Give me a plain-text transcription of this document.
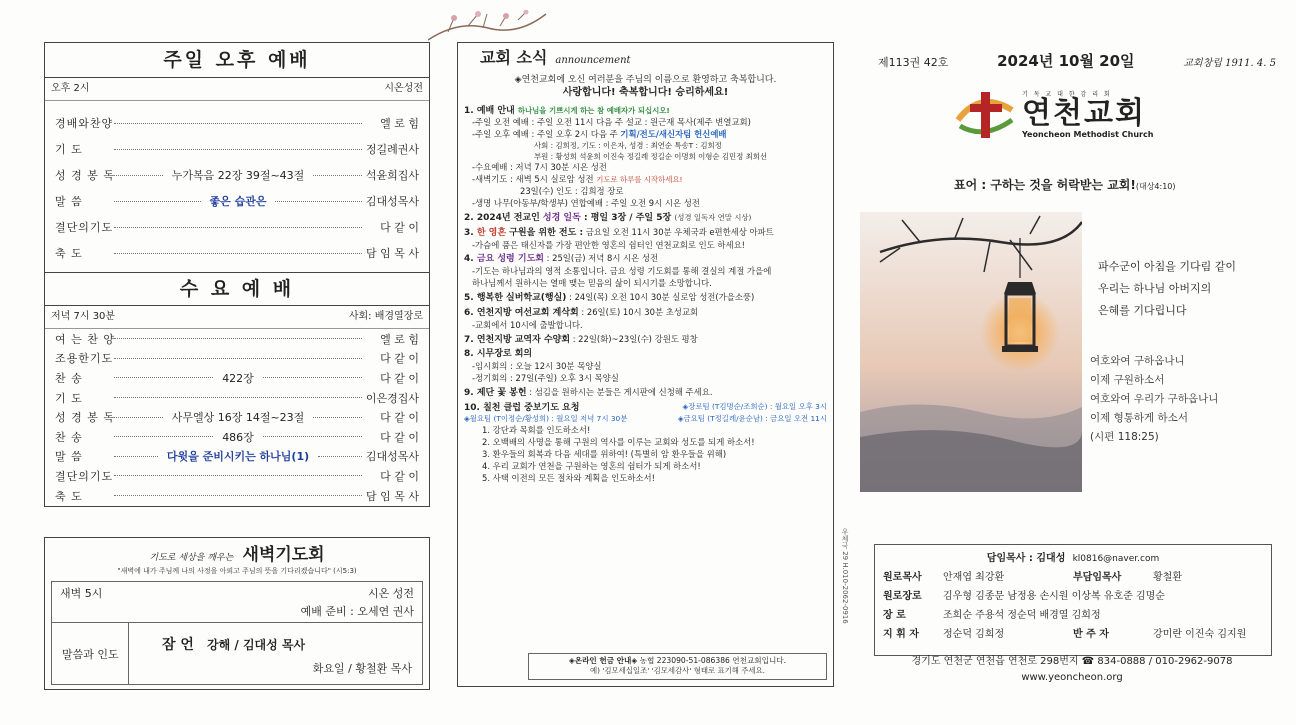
주일 오후 예배
오후 2시	시온성전
경배와찬양	엘 로 힘
기 도	정길례권사
성 경 봉 독	누가복음 22장 39절~43절	석윤희집사
말 씀	좋은 습관은	김대성목사
결단의기도	다 같 이
축 도	담 임 목 사
수 요 예 배
저녁 7시 30분	사회: 배경열장로
여 는 찬 양	엘 로 힘
조용한기도	다 같 이
찬 송	422장	다 같 이
기 도	이은경집사
성 경 봉 독	사무엘상 16장 14절~23절	다 같 이
찬 송	486장	다 같 이
말 씀	다윗을 준비시키는 하나님(1)	김대성목사
결단의기도	다 같 이
축 도	담 임 목 사
기도로 세상을 깨우는 새벽기도회
"새벽에 내가 주님께 나의 사정을 아뢰고 주님의 뜻을 기다리겠습니다" (시5:3)
새벽 5시	시온 성전
예배 준비 : 오세연 권사
말씀과 인도
잠 언 강해 / 김대성 목사
화요일 / 황철환 목사
교회 소식 announcement
◈연천교회에 오신 여러분을 주님의 이름으로 환영하고 축복합니다.
사랑합니다! 축복합니다! 승리하세요!
1. 예배 안내 하나님을 기쁘시게 하는 참 예배자가 되십시오!
-주일 오전 예배 : 주일 오전 11시 다음 주 설교 : 원근재 목사(제주 변열교회)
-주일 오후 예배 : 주일 오후 2시 다음 주 기획/전도/새신자팀 헌신예배
사회 : 김희정, 기도 : 이은자, 성경 : 최연순 특송T : 김희정
부원 : 황성희 석윤희 이진숙 정길례 정길순 이명희 이형순 김민정 최희선
-수요예배 : 저녁 7시 30분 시온 성전
-새벽기도 : 새벽 5시 실로암 성전 기도로 하루를 시작하세요!
23일(수) 인도 : 김희정 장로
-생명 나무(아동부/학생부) 연합예배 : 주일 오전 9시 시온 성전
2. 2024년 전교인 성경 일독 : 평일 3장 / 주일 5장 (성경 일독자 연말 시상)
3. 한 영혼 구원을 위한 전도 : 금요일 오전 11시 30분 우체국과 e편한세상 아파트
-가슴에 품은 태신자를 가장 편안한 영혼의 쉼터인 연천교회로 인도 하세요!
4. 금요 성령 기도회 : 25일(금) 저녁 8시 시온 성전
-기도는 하나님과의 영적 소통입니다. 금요 성령 기도회를 통해 결실의 계절 가을에
하나님께서 원하시는 열매 맺는 믿음의 삶이 되시기를 소망합니다.
5. 행복한 실버학교(행실) : 24일(목) 오전 10시 30분 실로암 성전(가을소풍)
6. 연천지방 여선교회 계삭회 : 26일(토) 10시 30분 초성교회
-교회에서 10시에 출발합니다.
7. 연천지방 교역자 수양회 : 22일(화)~23일(수) 강원도 평창
8. 시무장로 회의
-임시회의 : 오늘 12시 30분 목양실
-정기회의 : 27일(주일) 오후 3시 목양실
9. 제단 꽃 봉헌 : 섬김을 원하시는 분들은 게시판에 신청해 주세요.
10. 칠천 클럽 중보기도 요청	◈장로팀 (T김명순/조희순) : 월요일 오후 3시
◈월요팀 (T이정순/황성희) : 월요일 저녁 7시 30분	◈금요팀 (T정길례/윤순남) : 금요일 오전 11시
1. 강단과 목회를 인도하소서!
2. 오백배의 사명을 통해 구원의 역사를 이루는 교회와 성도를 되게 하소서!
3. 환우들의 회복과 다음 세대를 위하여! (특별히 암 환우들을 위해)
4. 우리 교회가 연천을 구원하는 영혼의 쉼터가 되게 하소서!
5. 사택 이전의 모든 절차와 계획을 인도하소서!
◈온라인 헌금 안내◈ 농협 223090-51-086386 연천교회입니다.
예) '김모세십일조' '김모세감사' 형태로 표기해 주세요.
우체국 29 H.010-2062-0916
제113권 42호	2024년 10월 20일	교회창립 1911. 4. 5
기 독 교 대 한 감 리 회
연천교회
Yeoncheon Methodist Church
표어 : 구하는 것을 허락받는 교회!(대상4:10)
파수군이 아침을 기다림 같이
우리는 하나님 아버지의
은혜를 기다립니다
여호와여 구하옵나니
이제 구원하소서
여호와여 우리가 구하옵나니
이제 형통하게 하소서
(시편 118:25)
담임목사 : 김대성 kl0816@naver.com
원로목사	안재엽 최강환	부담임목사	황철환
원로장로	김우형 김종문 남정용 손시원 이상복 유호준 김명순
장 로	조희순 주용석 정순덕 배경열 김희정
지 휘 자	정순덕 김희정	반 주 자	강미란 이진숙 김지원
경기도 연천군 연천읍 연천로 298번지 ☎ 834-0888 / 010-2962-9078
www.yeoncheon.org
